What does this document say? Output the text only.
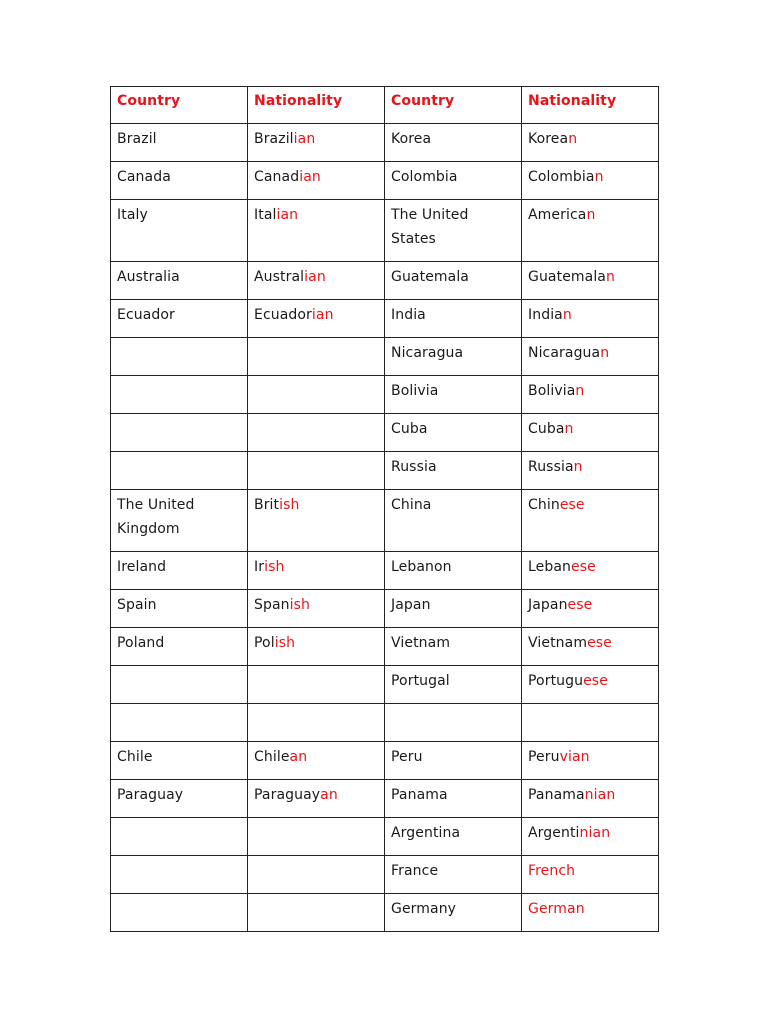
Country	Nationality	Country	Nationality
Brazil	Brazilian	Korea	Korean
Canada	Canadian	Colombia	Colombian
Italy	Italian	The United States	American
Australia	Australian	Guatemala	Guatemalan
Ecuador	Ecuadorian	India	Indian
		Nicaragua	Nicaraguan
		Bolivia	Bolivian
		Cuba	Cuban
		Russia	Russian
The United Kingdom	British	China	Chinese
Ireland	Irish	Lebanon	Lebanese
Spain	Spanish	Japan	Japanese
Poland	Polish	Vietnam	Vietnamese
		Portugal	Portuguese

Chile	Chilean	Peru	Peruvian
Paraguay	Paraguayan	Panama	Panamanian
		Argentina	Argentinian
		France	French
		Germany	German
